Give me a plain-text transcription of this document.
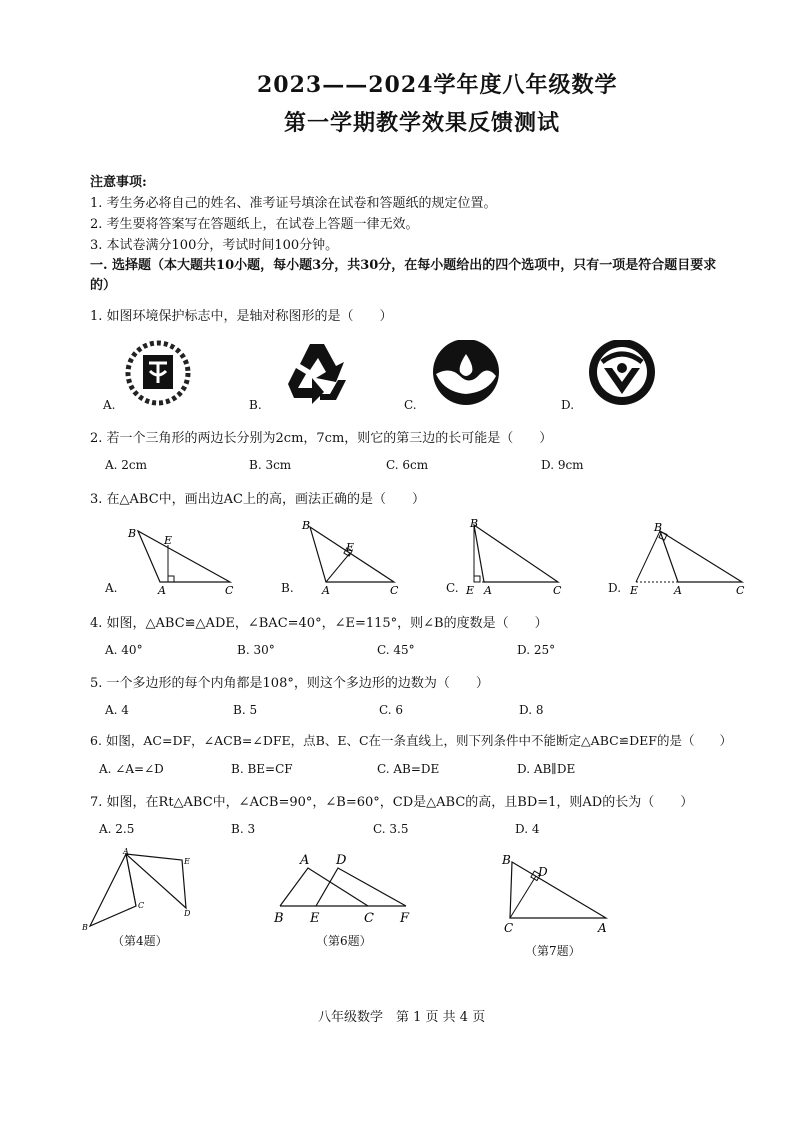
2023——2024学年度八年级数学
第一学期教学效果反馈测试
注意事项:
1. 考生务必将自己的姓名、准考证号填涂在试卷和答题纸的规定位置。
2. 考生要将答案写在答题纸上，在试卷上答题一律无效。
3. 本试卷满分100分，考试时间100分钟。
一. 选择题（本大题共10小题，每小题3分，共30分，在每小题给出的四个选项中，只有一项是符合题目要求
的）
1. 如图环境保护标志中，是轴对称图形的是（　　）
A.	B.	C.	D.
2. 若一个三角形的两边长分别为2cm，7cm，则它的第三边的长可能是（　　）
A. 2cm	B. 3cm	C. 6cm	D. 9cm
3. 在△ABC中，画出边AC上的高，画法正确的是（　　）
B
E
A	C
B
E
A	C
B
E A	C
B
E	A	C
A.	B.	C.	D.
4. 如图，△ABC≌△ADE，∠BAC=40°，∠E=115°，则∠B的度数是（　　）
A. 40°	B. 30°	C. 45°	D. 25°
5. 一个多边形的每个内角都是108°，则这个多边形的边数为（　　）
A. 4	B. 5	C. 6	D. 8
6. 如图，AC=DF，∠ACB=∠DFE，点B、E、C在一条直线上，则下列条件中不能断定△ABC≌DEF的是（　　）
A. ∠A=∠D	B. BE=CF	C. AB=DE	D. AB∥DE
7. 如图，在Rt△ABC中，∠ACB=90°，∠B=60°，CD是△ABC的高，且BD=1，则AD的长为（　　）
A. 2.5	B. 3	C. 3.5	D. 4
A
E
B
C
D
A D
B E	C F
B
D
C	A
（第4题）	（第6题）
（第7题）
八年级数学　第 1 页 共 4 页
